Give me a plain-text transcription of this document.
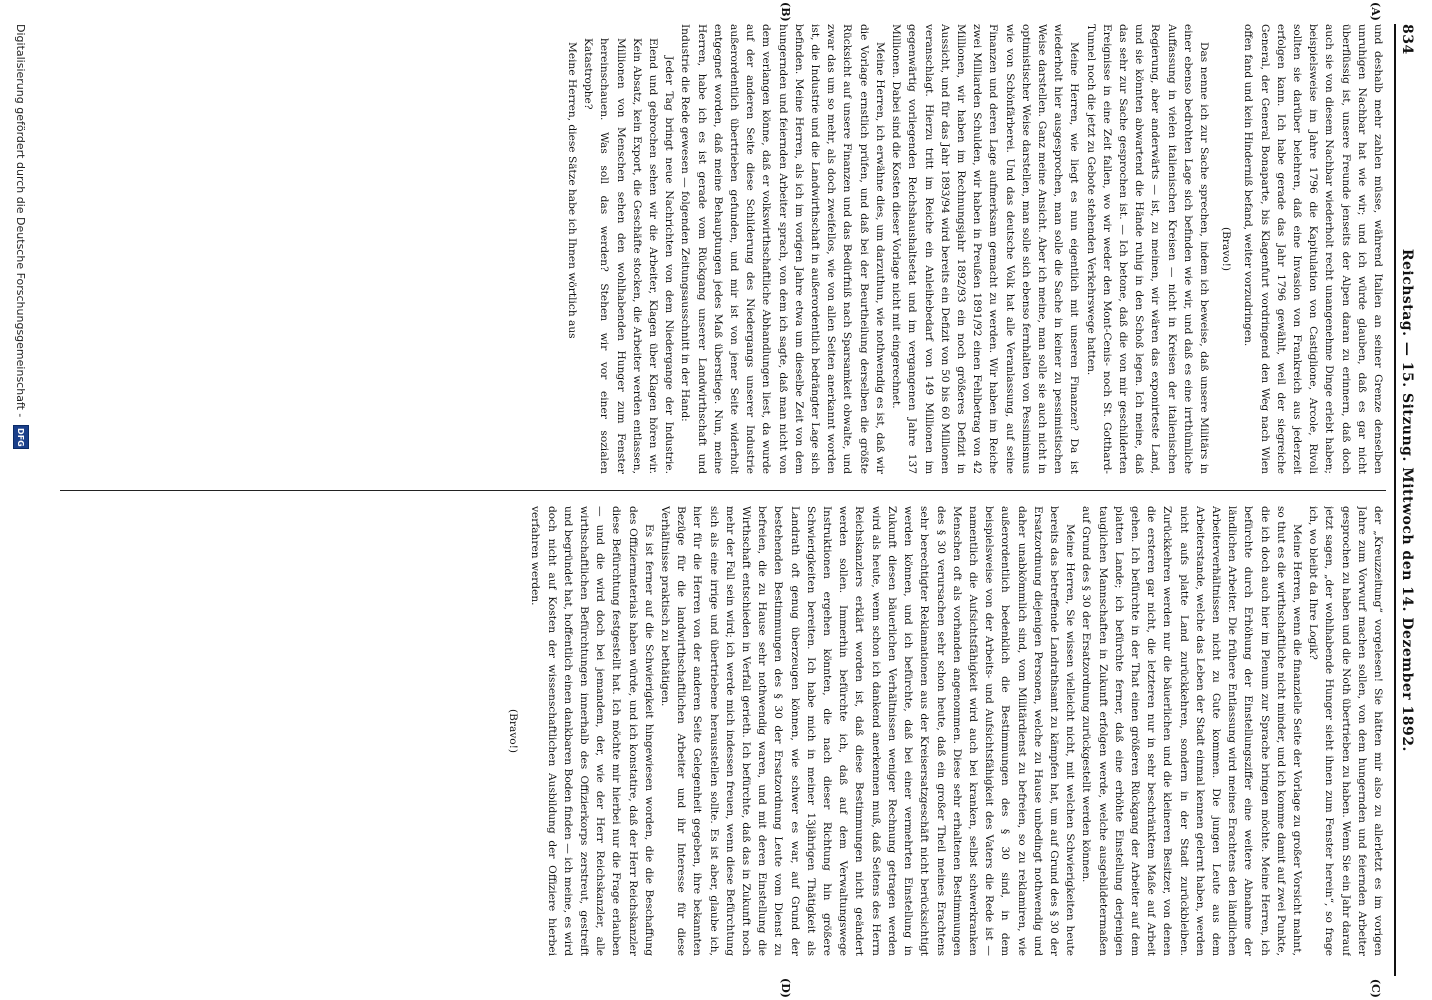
834
Reichstag. — 15. Sitzung. Mittwoch den 14. Dezember 1892.

und deshalb mehr zahlen müsse, während Italien an seiner Grenze denselben unruhigen Nachbar hat wie wir; und ich würde glauben, daß es gar nicht überflüssig ist, unsere Freunde jenseits der Alpen daran zu erinnern, daß doch auch sie von diesem Nachbar wiederholt recht unangenehme Dinge erlebt haben; beispielsweise im Jahre 1796 die Kapitulation von Castiglione, Arcole, Rivoli sollten sie darüber belehren, daß eine Invasion von Frankreich aus jederzeit erfolgen kann. Ich habe gerade das Jahr 1796 gewählt, weil der siegreiche General, der General Bonaparte, bis Klagenfurt vordringend den Weg nach Wien offen fand und kein Hinderniß befand, weiter vorzudringen.

(Bravo!)

Das nenne ich zur Sache sprechen, indem ich beweise, daß unsere Militärs in einer ebenso bedrohten Lage sich befinden wie wir, und daß es eine irrthümliche Auffassung in vielen italienischen Kreisen — nicht in Kreisen der italienischen Regierung, aber anderwärts — ist, zu meinen, wir wären das exponirteste Land, und sie könnten abwartend die Hände ruhig in den Schoß legen. Ich meine, daß das sehr zur Sache gesprochen ist. — Ich betone, daß die von mir geschilderten Ereignisse in eine Zeit fallen, wo wir weder den Mont-Cenis- noch St. Gotthard-Tunnel noch die jetzt zu Gebote stehenden Verkehrswege hatten.

Meine Herren, wie liegt es nun eigentlich mit unseren Finanzen? Da ist wiederholt hier ausgesprochen, man solle die Sache in keiner zu pessimistischen Weise darstellen. Ganz meine Ansicht. Aber ich meine, man solle sie auch nicht in optimistischer Weise darstellen, man solle sich ebenso fernhalten von Pessimismus wie von Schönfärberei. Und das deutsche Volk hat alle Veranlassung, auf seine Finanzen und deren Lage aufmerksam gemacht zu werden. Wir haben im Reiche zwei Milliarden Schulden, wir haben in Preußen 1891/92 einen Fehlbetrag von 42 Millionen, wir haben im Rechnungsjahr 1892/93 ein noch größeres Defizit in Aussicht, und für das Jahr 1893/94 wird bereits ein Defizit von 50 bis 60 Millionen veranschlagt. Hierzu tritt im Reiche ein Anleihebedarf von 149 Millionen im gegenwärtig vorliegenden Reichshaushaltsetat und im vergangenen Jahre 137 Millionen. Dabei sind die Kosten dieser Vorlage nicht mit eingerechnet.

Meine Herren, ich erwähne dies, um darzuthun, wie nothwendig es ist, daß wir die Vorlage ernstlich prüfen, und daß bei der Beurtheilung derselben die größte Rücksicht auf unsere Finanzen und das Bedürfniß nach Sparsamkeit obwalte, und zwar das um so mehr, als doch zweifellos, wie von allen Seiten anerkannt worden ist, die Industrie und die Landwirthschaft in außerordentlich bedrängter Lage sich befinden. Meine Herren, als ich im vorigen Jahre etwa um dieselbe Zeit von dem hungernden und feiernden Arbeiter sprach, von dem ich sagte, daß man nicht von dem verlangen könne, daß er volkswirthschaftliche Abhandlungen liest, da wurde auf der anderen Seite diese Schilderung des Niedergangs unserer Industrie außerordentlich übertrieben gefunden, und mir ist von jener Seite widerholt entgegnet worden, daß meine Behauptungen jedes Maß überstiege. Nun, meine Herren, habe ich es ist gerade vom Rückgang unserer Landwirthschaft und Industrie die Rede gewesen — folgenden Zeitungsausschnitt in der Hand:

Jeder Tag bringt neue Nachrichten von dem Niedergange der Industrie. Elend und gebrochen sehen wir die Arbeiter, Klagen über Klagen hören wir. Kein Absatz, kein Export, die Geschäfte stocken, die Arbeiter werden entlassen, Millionen von Menschen sehen den wohlhabenden Hunger zum Fenster hereinschauen. Was soll das werden? Stehen wir vor einer sozialen Katastrophe?

Meine Herren, diese Sätze habe ich Ihnen wörtlich aus

der „Kreuzzeitung“ vorgelesen! Sie hätten mir also zu allerletzt es im vorigen Jahre zum Vorwurf machen sollen, von dem hungernden und feiernden Arbeiter gesprochen zu haben und die Noth übertrieben zu haben. Wenn Sie ein Jahr darauf jetzt sagen, „der wohlhabende Hunger sieht ihnen zum Fenster herein“, so frage ich, wo bleibt da Ihre Logik?

Meine Herren, wenn die finanzielle Seite der Vorlage zu großer Vorsicht mahnt, so thut es die wirthschaftliche nicht minder, und ich komme damit auf zwei Punkte, die ich doch auch hier im Plenum zur Sprache bringen möchte. Meine Herren, ich befürchte durch Erhöhung der Einstellungsziffer eine weitere Abnahme der ländlichen Arbeiter. Die frühere Entlassung wird meines Erachtens den ländlichen Arbeiterverhältnissen nicht zu Gute kommen. Die jungen Leute aus dem Arbeiterstande, welche das Leben der Stadt einmal kennen gelernt haben, werden nicht aufs platte Land zurückkehren, sondern in der Stadt zurückbleiben. Zurückkehren werden nur die bäuerlichen und die kleineren Besitzer, von denen die ersteren gar nicht, die letzteren nur in sehr beschränktem Maße auf Arbeit gehen. Ich befürchte in der That einen größeren Rückgang der Arbeiter auf dem platten Lande; ich befürchte ferner, daß eine erhöhte Einstellung derjenigen tauglichen Mannschaften in Zukunft erfolgen werde, welche ausgebildetermaßen auf Grund des § 30 der Ersatzordnung zurückgestellt werden können.

Meine Herren, Sie wissen vielleicht nicht, mit welchen Schwierigkeiten heute bereits das betreffende Landrathsamt zu kämpfen hat, um auf Grund des § 30 der Ersatzordnung diejenigen Personen, welche zu Hause unbedingt nothwendig und daher unabkömmlich sind, vom Militärdienst zu befreien, so zu reklamiren, wie außerordentlich bedenklich die Bestimmungen des § 30 sind, in dem beispielsweise von der Arbeits- und Aufsichtsfähigkeit des Vaters die Rede ist — namentlich die Aufsichtsfähigkeit wird auch bei kranken, selbst schwerkranken Menschen oft als vorhanden angenommen. Diese sehr erhaltenen Bestimmungen des § 30 verursachen sehr schon heute, daß ein großer Theil meines Erachtens sehr berechtigter Reklamationen aus der Kreisersatzgeschäft nicht berücksichtigt werden können, und ich befürchte, daß bei einer vermehrten Einstellung in Zukunft diesen bäuerlichen Verhältnissen weniger Rechnung getragen werden wird als heute, wenn schon ich dankend anerkennen muß, daß Seitens des Herrn Reichskanzlers erklärt worden ist, daß diese Bestimmungen nicht geändert werden sollen. Immerhin befürchte ich, daß auf dem Verwaltungswege Instruktionen ergehen könnten, die nach dieser Richtung hin größere Schwierigkeiten bereiten. Ich habe mich in meiner 13jährigen Thätigkeit als Landrath oft genug überzeugen können, wie schwer es war, auf Grund der bestehenden Bestimmungen des § 30 der Ersatzordnung Leute vom Dienst zu befreien, die zu Hause sehr nothwendig waren, und mit deren Einstellung die Wirthschaft entschieden in Verfall gerieth. Ich befürchte, daß das in Zukunft noch mehr der Fall sein wird; ich werde mich indessen freuen, wenn diese Befürchtung sich als eine irrige und übertriebene herausstellen sollte. Es ist aber, glaube ich, hier für die Herren von der anderen Seite Gelegenheit gegeben, ihre bekannten Bezüge für die landwirthschaftlichen Arbeiter und ihr Interesse für diese Verhältnisse praktisch zu bethätigen.

Es ist ferner auf die Schwierigkeit hingewiesen worden, die die Beschaffung des Offiziermaterials haben würde, und ich konstatire, daß der Herr Reichskanzler diese Befürchtung festgestellt hat. Ich möchte mir hierbei nur die Frage erlauben — und die wird doch bei jemandem, der, wie der Herr Reichskanzler, alle wirthschaftlichen Befürchtungen innerhalb des Offizierkorps zerstreut, gestreift und begründet hat, hoffentlich einen dankbaren Boden finden — ich meine, es wird doch nicht auf Kosten der wissenschaftlichen Ausbildung der Offiziere hierbei verfahren werden.

(Bravo!)

(A)
(B)
(C)
(D)
Digitalisierung gefördert durch die Deutsche Forschungsgemeinschaft -
DFG
